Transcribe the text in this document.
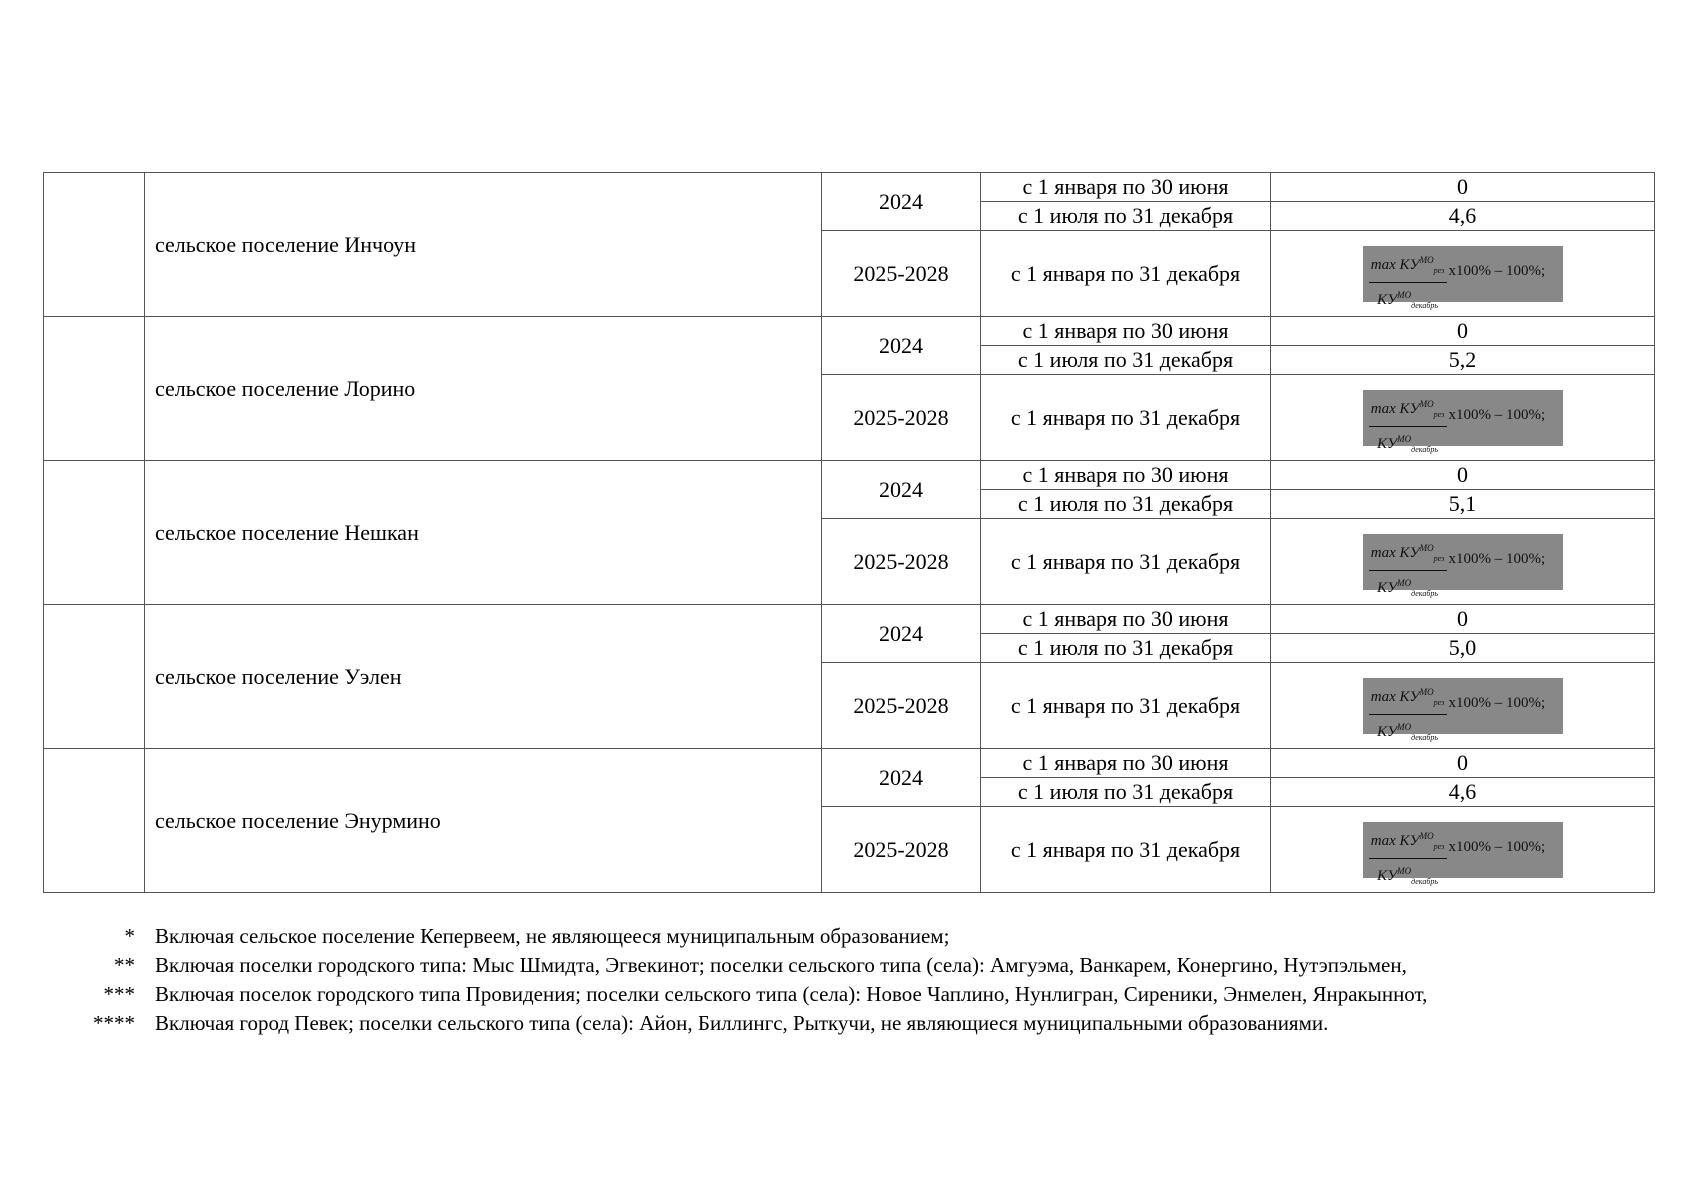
	сельское поселение Инчоун	2024	с 1 января по 30 июня	0
			с 1 июля по 31 декабря	4,6
		2025-2028	с 1 января по 31 декабря	$\max KУ^{МО}_{рез}$
$KУ^{МО}_{декабрь}$
x100% – 100%;

	сельское поселение Лорино	2024	с 1 января по 30 июня	0
			с 1 июля по 31 декабря	5,2
		2025-2028	с 1 января по 31 декабря	$\max KУ^{МО}_{рез}$
$KУ^{МО}_{декабрь}$
x100% – 100%;

	сельское поселение Нешкан	2024	с 1 января по 30 июня	0
			с 1 июля по 31 декабря	5,1
		2025-2028	с 1 января по 31 декабря	$\max KУ^{МО}_{рез}$
$KУ^{МО}_{декабрь}$
x100% – 100%;

	сельское поселение Уэлен	2024	с 1 января по 30 июня	0
			с 1 июля по 31 декабря	5,0
		2025-2028	с 1 января по 31 декабря	$\max KУ^{МО}_{рез}$
$KУ^{МО}_{декабрь}$
x100% – 100%;

	сельское поселение Энурмино	2024	с 1 января по 30 июня	0
			с 1 июля по 31 декабря	4,6
		2025-2028	с 1 января по 31 декабря	$\max KУ^{МО}_{рез}$
$KУ^{МО}_{декабрь}$
x100% – 100%;
* Включая сельское поселение Кепервеем, не являющееся муниципальным образованием;
** Включая поселки городского типа: Мыс Шмидта, Эгвекинот; поселки сельского типа (села): Амгуэма, Ванкарем, Конергино, Нутэпэльмен,
*** Включая поселок городского типа Провидения; поселки сельского типа (села): Новое Чаплино, Нунлигран, Сиреники, Энмелен, Янракыннот,
**** Включая город Певек; поселки сельского типа (села): Айон, Биллингс, Рыткучи, не являющиеся муниципальными образованиями.
